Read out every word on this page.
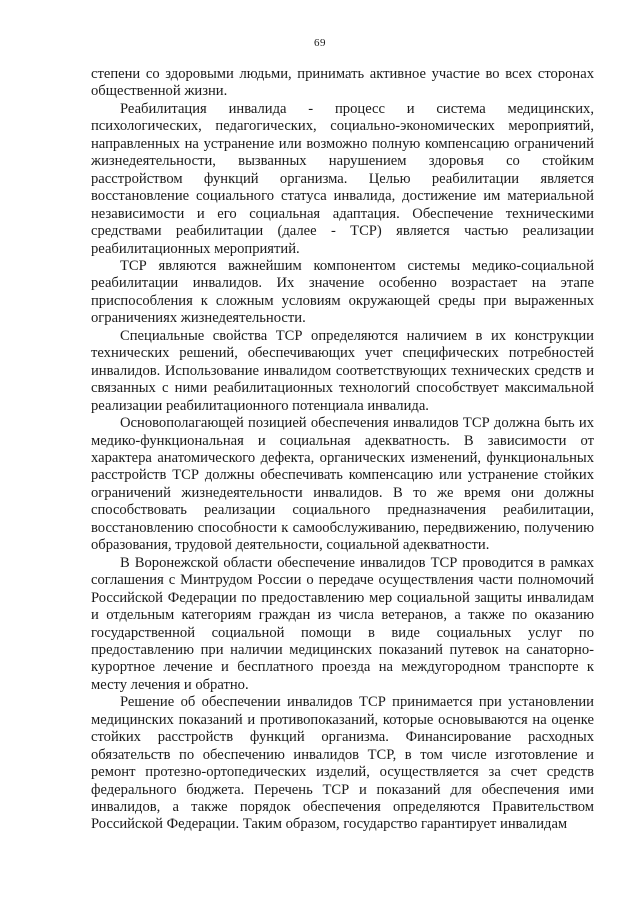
69

степени со здоровыми людьми, принимать активное участие во всех сторонах общественной жизни.

Реабилитация инвалида - процесс и система медицинских, психологических, педагогических, социально-экономических мероприятий, направленных на устранение или возможно полную компенсацию ограничений жизнедеятельности, вызванных нарушением здоровья со стойким расстройством функций организма. Целью реабилитации является восстановление социального статуса инвалида, достижение им материальной независимости и его социальная адаптация. Обеспечение техническими средствами реабилитации (далее - ТСР) является частью реализации реабилитационных мероприятий.

ТСР являются важнейшим компонентом системы медико-социальной реабилитации инвалидов. Их значение особенно возрастает на этапе приспособления к сложным условиям окружающей среды при выраженных ограничениях жизнедеятельности.

Специальные свойства ТСР определяются наличием в их конструкции технических решений, обеспечивающих учет специфических потребностей инвалидов. Использование инвалидом соответствующих технических средств и связанных с ними реабилитационных технологий способствует максимальной реализации реабилитационного потенциала инвалида.

Основополагающей позицией обеспечения инвалидов ТСР должна быть их медико-функциональная и социальная адекватность. В зависимости от характера анатомического дефекта, органических изменений, функциональных расстройств ТСР должны обеспечивать компенсацию или устранение стойких ограничений жизнедеятельности инвалидов. В то же время они должны способствовать реализации социального предназначения реабилитации, восстановлению способности к самообслуживанию, передвижению, получению образования, трудовой деятельности, социальной адекватности.

В Воронежской области обеспечение инвалидов ТСР проводится в рамках соглашения с Минтрудом России о передаче осуществления части полномочий Российской Федерации по предоставлению мер социальной защиты инвалидам и отдельным категориям граждан из числа ветеранов, а также по оказанию государственной социальной помощи в виде социальных услуг по предоставлению при наличии медицинских показаний путевок на санаторно-курортное лечение и бесплатного проезда на междугородном транспорте к месту лечения и обратно.

Решение об обеспечении инвалидов ТСР принимается при установлении медицинских показаний и противопоказаний, которые основываются на оценке стойких расстройств функций организма. Финансирование расходных обязательств по обеспечению инвалидов ТСР, в том числе изготовление и ремонт протезно-ортопедических изделий, осуществляется за счет средств федерального бюджета. Перечень ТСР и показаний для обеспечения ими инвалидов, а также порядок обеспечения определяются Правительством Российской Федерации. Таким образом, государство гарантирует инвалидам
